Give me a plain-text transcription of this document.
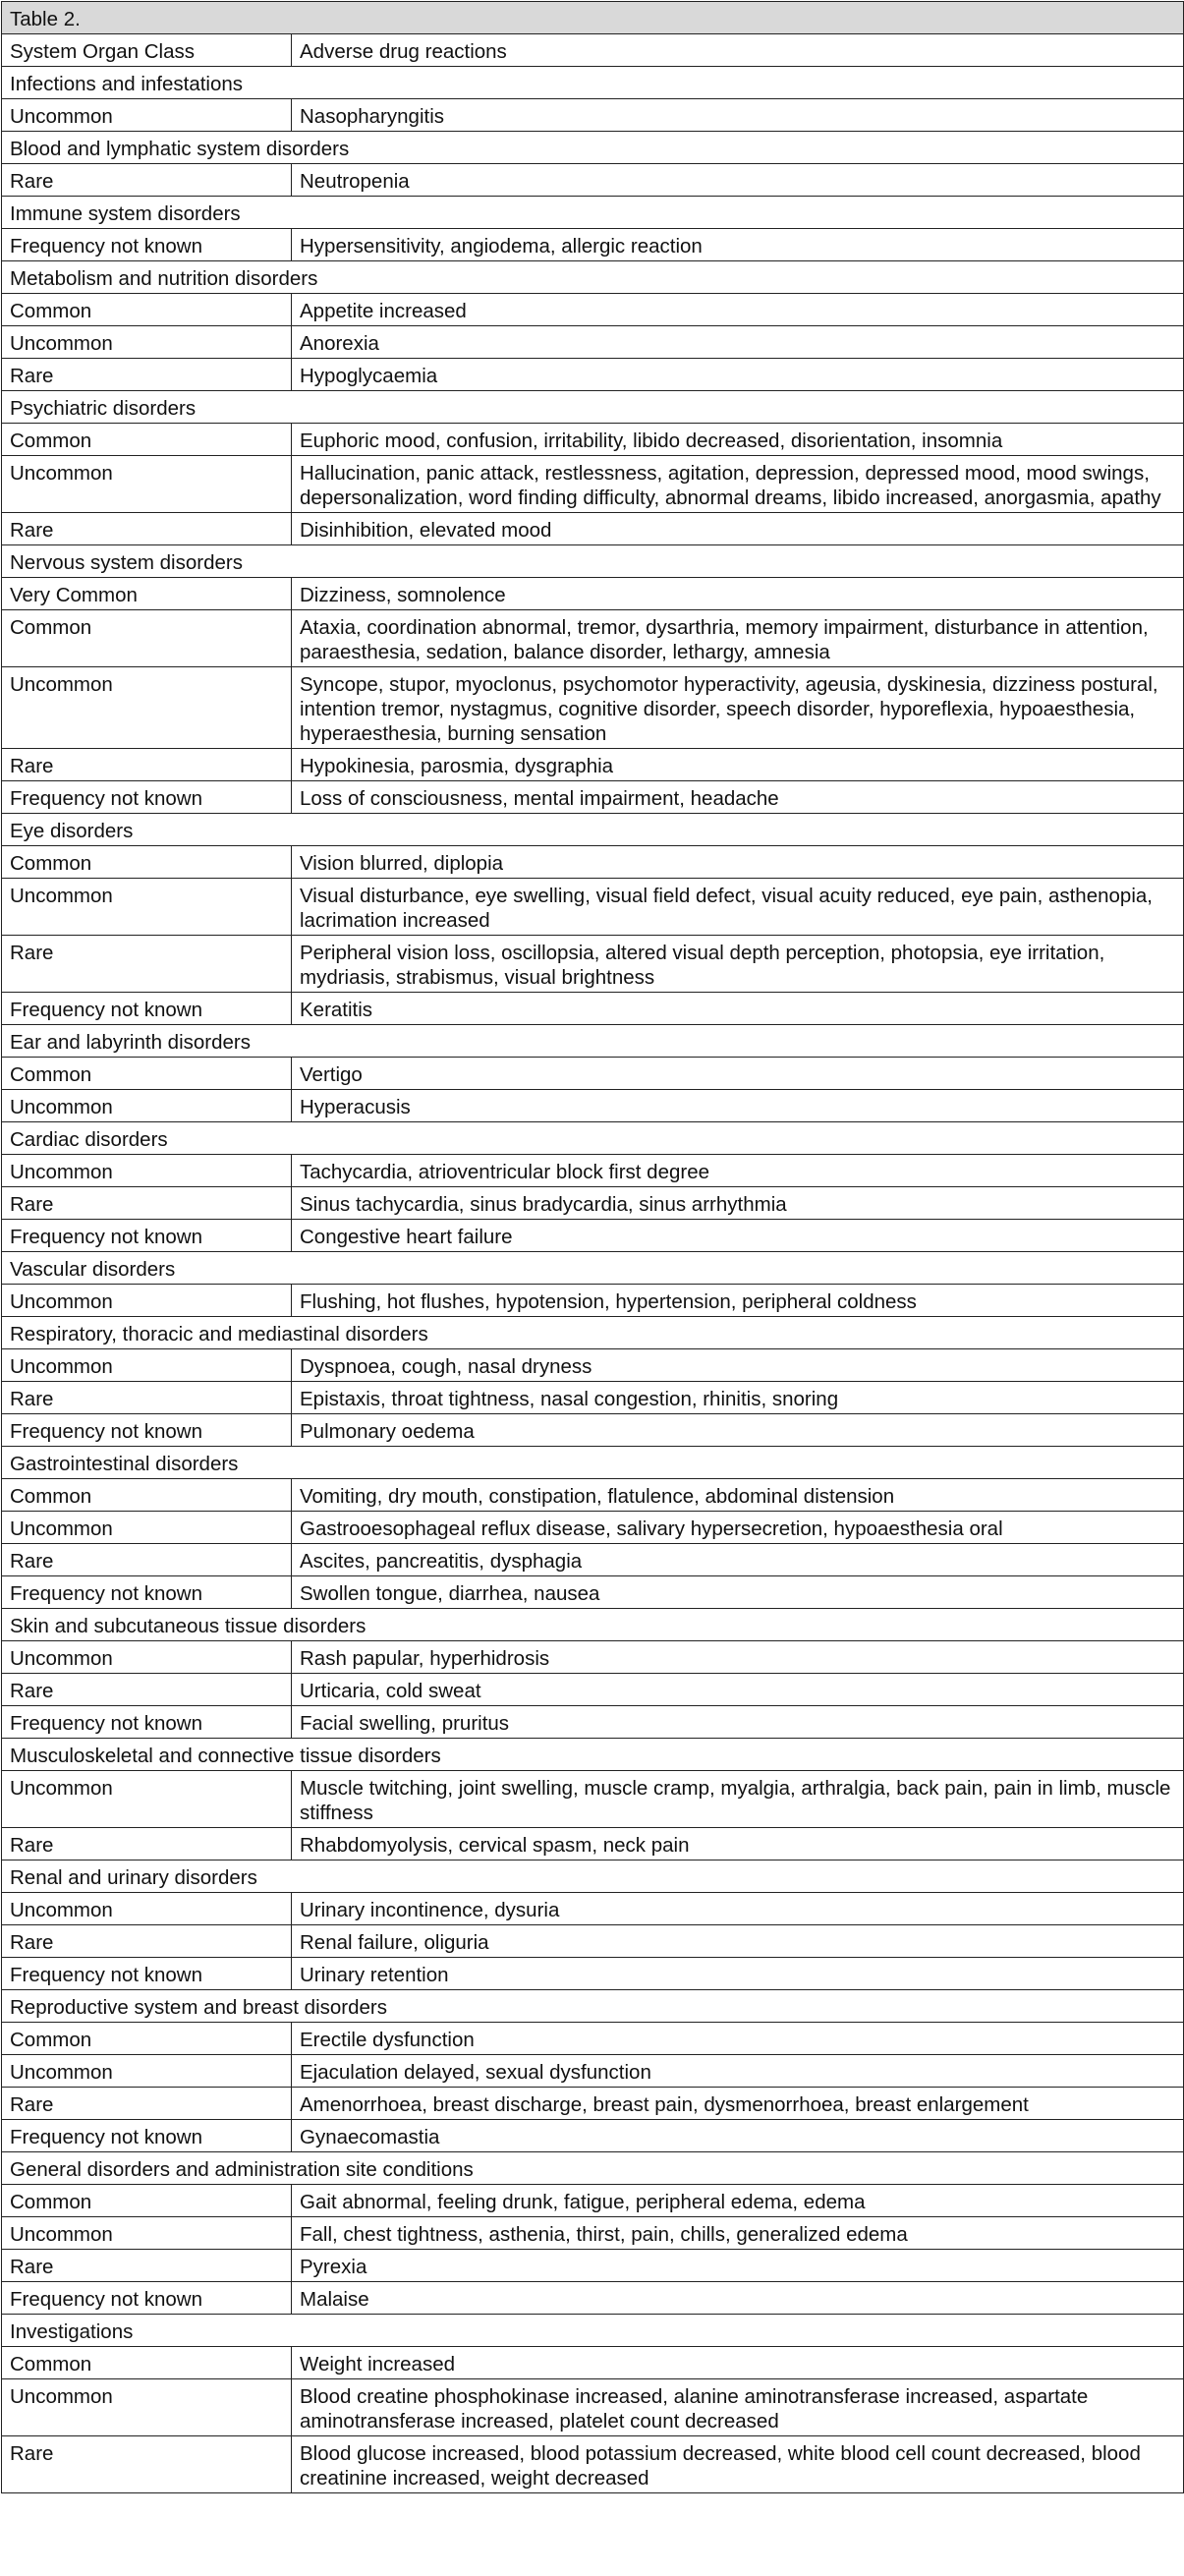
Table 2.	
System Organ Class	Adverse drug reactions
Infections and infestations	
Uncommon	Nasopharyngitis
Blood and lymphatic system disorders	
Rare	Neutropenia
Immune system disorders	
Frequency not known	Hypersensitivity, angiodema, allergic reaction
Metabolism and nutrition disorders	
Common	Appetite increased
Uncommon	Anorexia
Rare	Hypoglycaemia
Psychiatric disorders	
Common	Euphoric mood, confusion, irritability, libido decreased, disorientation, insomnia
Uncommon	Hallucination, panic attack, restlessness, agitation, depression, depressed mood, mood swings, depersonalization, word finding difficulty, abnormal dreams, libido increased, anorgasmia, apathy
Rare	Disinhibition, elevated mood
Nervous system disorders	
Very Common	Dizziness, somnolence
Common	Ataxia, coordination abnormal, tremor, dysarthria, memory impairment, disturbance in attention, paraesthesia, sedation, balance disorder, lethargy, amnesia
Uncommon	Syncope, stupor, myoclonus, psychomotor hyperactivity, ageusia, dyskinesia, dizziness postural, intention tremor, nystagmus, cognitive disorder, speech disorder, hyporeflexia, hypoaesthesia, hyperaesthesia, burning sensation
Rare	Hypokinesia, parosmia, dysgraphia
Frequency not known	Loss of consciousness, mental impairment, headache
Eye disorders	
Common	Vision blurred, diplopia
Uncommon	Visual disturbance, eye swelling, visual field defect, visual acuity reduced, eye pain, asthenopia, lacrimation increased
Rare	Peripheral vision loss, oscillopsia, altered visual depth perception, photopsia, eye irritation, mydriasis, strabismus, visual brightness
Frequency not known	Keratitis
Ear and labyrinth disorders	
Common	Vertigo
Uncommon	Hyperacusis
Cardiac disorders	
Uncommon	Tachycardia, atrioventricular block first degree
Rare	Sinus tachycardia, sinus bradycardia, sinus arrhythmia
Frequency not known	Congestive heart failure
Vascular disorders	
Uncommon	Flushing, hot flushes, hypotension, hypertension, peripheral coldness
Respiratory, thoracic and mediastinal disorders	
Uncommon	Dyspnoea, cough, nasal dryness
Rare	Epistaxis, throat tightness, nasal congestion, rhinitis, snoring
Frequency not known	Pulmonary oedema
Gastrointestinal disorders	
Common	Vomiting, dry mouth, constipation, flatulence, abdominal distension
Uncommon	Gastrooesophageal reflux disease, salivary hypersecretion, hypoaesthesia oral
Rare	Ascites, pancreatitis, dysphagia
Frequency not known	Swollen tongue, diarrhea, nausea
Skin and subcutaneous tissue disorders	
Uncommon	Rash papular, hyperhidrosis
Rare	Urticaria, cold sweat
Frequency not known	Facial swelling, pruritus
Musculoskeletal and connective tissue disorders	
Uncommon	Muscle twitching, joint swelling, muscle cramp, myalgia, arthralgia, back pain, pain in limb, muscle stiffness
Rare	Rhabdomyolysis, cervical spasm, neck pain
Renal and urinary disorders	
Uncommon	Urinary incontinence, dysuria
Rare	Renal failure, oliguria
Frequency not known	Urinary retention
Reproductive system and breast disorders	
Common	Erectile dysfunction
Uncommon	Ejaculation delayed, sexual dysfunction
Rare	Amenorrhoea, breast discharge, breast pain, dysmenorrhoea, breast enlargement
Frequency not known	Gynaecomastia
General disorders and administration site conditions	
Common	Gait abnormal, feeling drunk, fatigue, peripheral edema, edema
Uncommon	Fall, chest tightness, asthenia, thirst, pain, chills, generalized edema
Rare	Pyrexia
Frequency not known	Malaise
Investigations	
Common	Weight increased
Uncommon	Blood creatine phosphokinase increased, alanine aminotransferase increased, aspartate aminotransferase increased, platelet count decreased
Rare	Blood glucose increased, blood potassium decreased, white blood cell count decreased, blood creatinine increased, weight decreased
